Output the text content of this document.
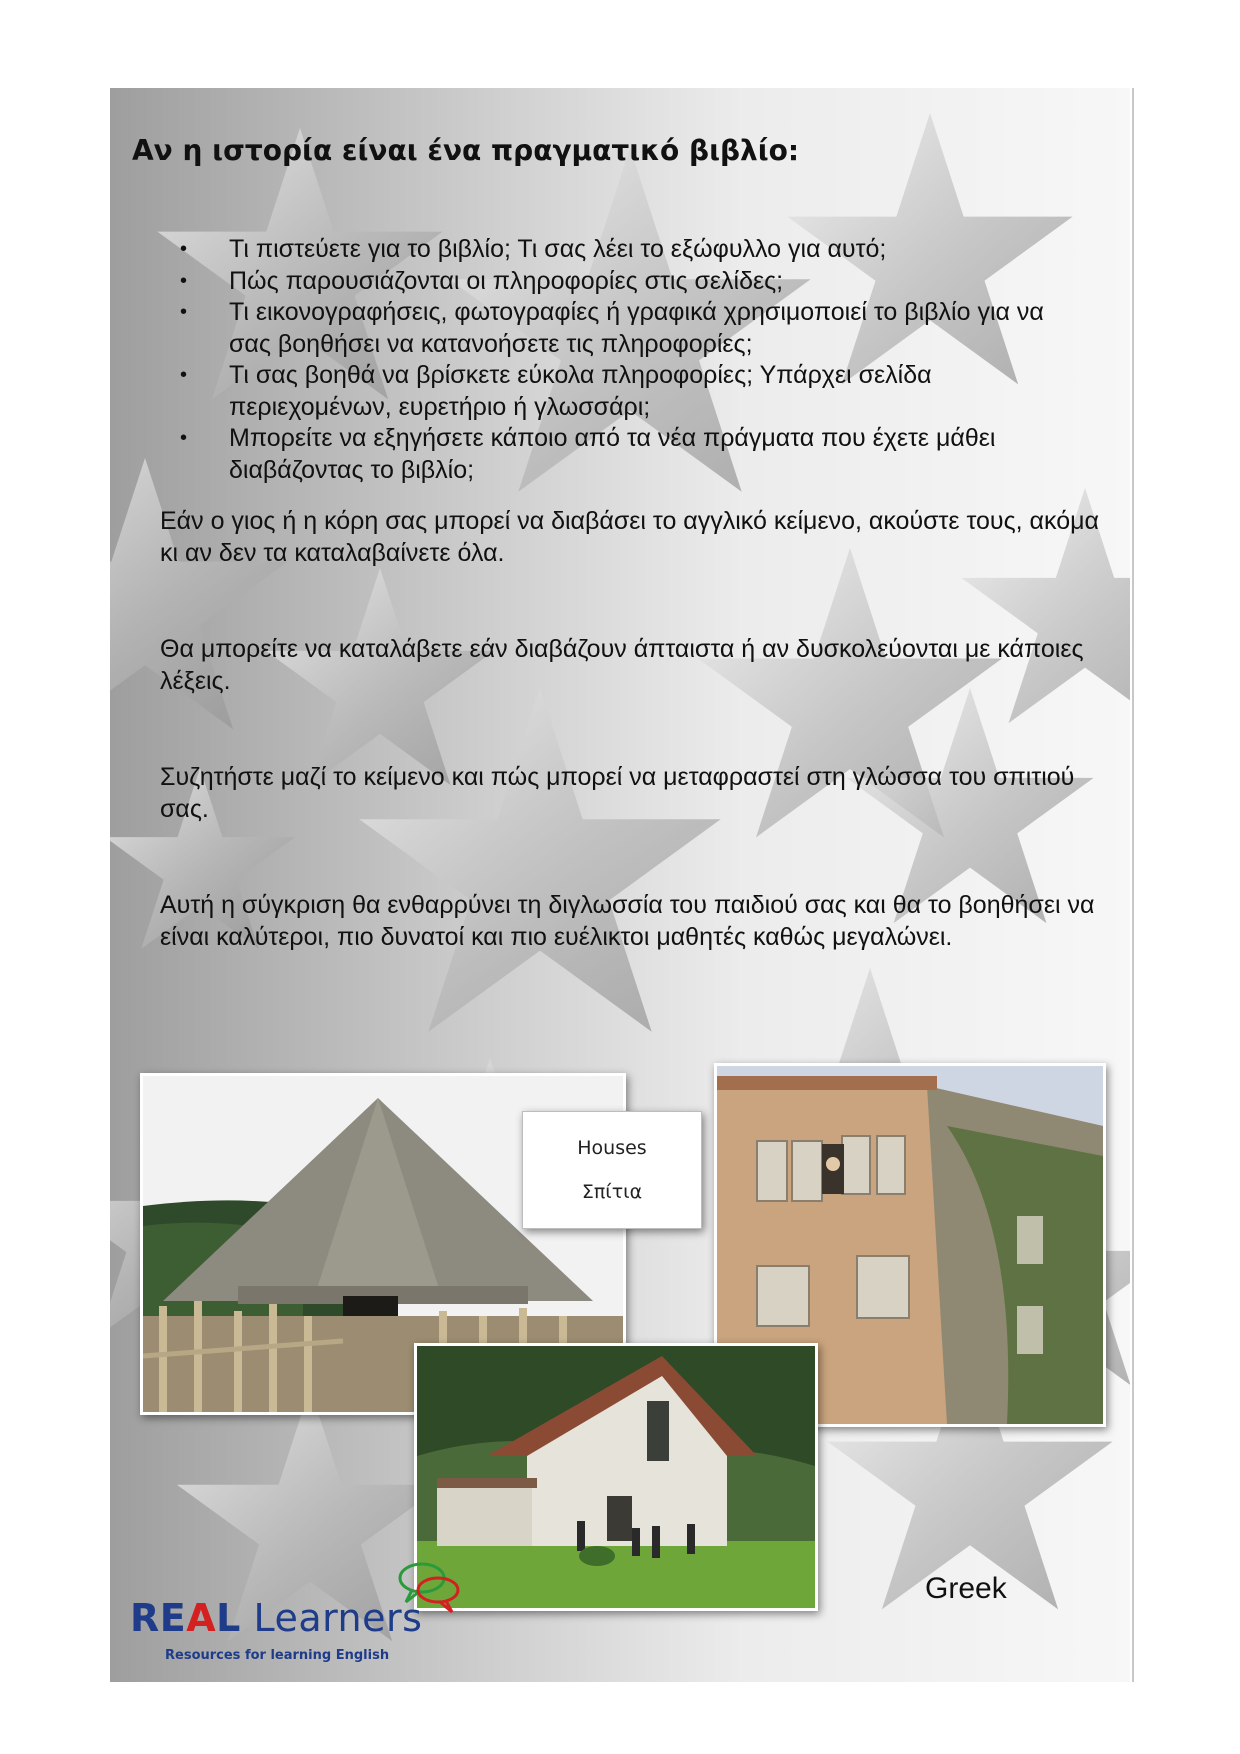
Αν η ιστορία είναι ένα πραγματικό βιβλίο:
• Τι πιστεύετε για το βιβλίο; Τι σας λέει το εξώφυλλο για αυτό;
• Πώς παρουσιάζονται οι πληροφορίες στις σελίδες;
• Τι εικονογραφήσεις, φωτογραφίες ή γραφικά χρησιμοποιεί το βιβλίο για να σας βοηθήσει να κατανοήσετε τις πληροφορίες;
• Τι σας βοηθά να βρίσκετε εύκολα πληροφορίες; Υπάρχει σελίδα περιεχομένων, ευρετήριο ή γλωσσάρι;
• Μπορείτε να εξηγήσετε κάποιο από τα νέα πράγματα που έχετε μάθει διαβάζοντας το βιβλίο;

Εάν ο γιος ή η κόρη σας μπορεί να διαβάσει το αγγλικό κείμενο, ακούστε τους, ακόμα κι αν δεν τα καταλαβαίνετε όλα.

Θα μπορείτε να καταλάβετε εάν διαβάζουν άπταιστα ή αν δυσκολεύονται με κάποιες λέξεις.

Συζητήστε μαζί το κείμενο και πώς μπορεί να μεταφραστεί στη γλώσσα του σπιτιού σας.

Αυτή η σύγκριση θα ενθαρρύνει τη διγλωσσία του παιδιού σας και θα το βοηθήσει να είναι καλύτεροι, πιο δυνατοί και πιο ευέλικτοι μαθητές καθώς μεγαλώνει.

Houses
Σπίτια
REAL Learners
Resources for learning English
Greek
